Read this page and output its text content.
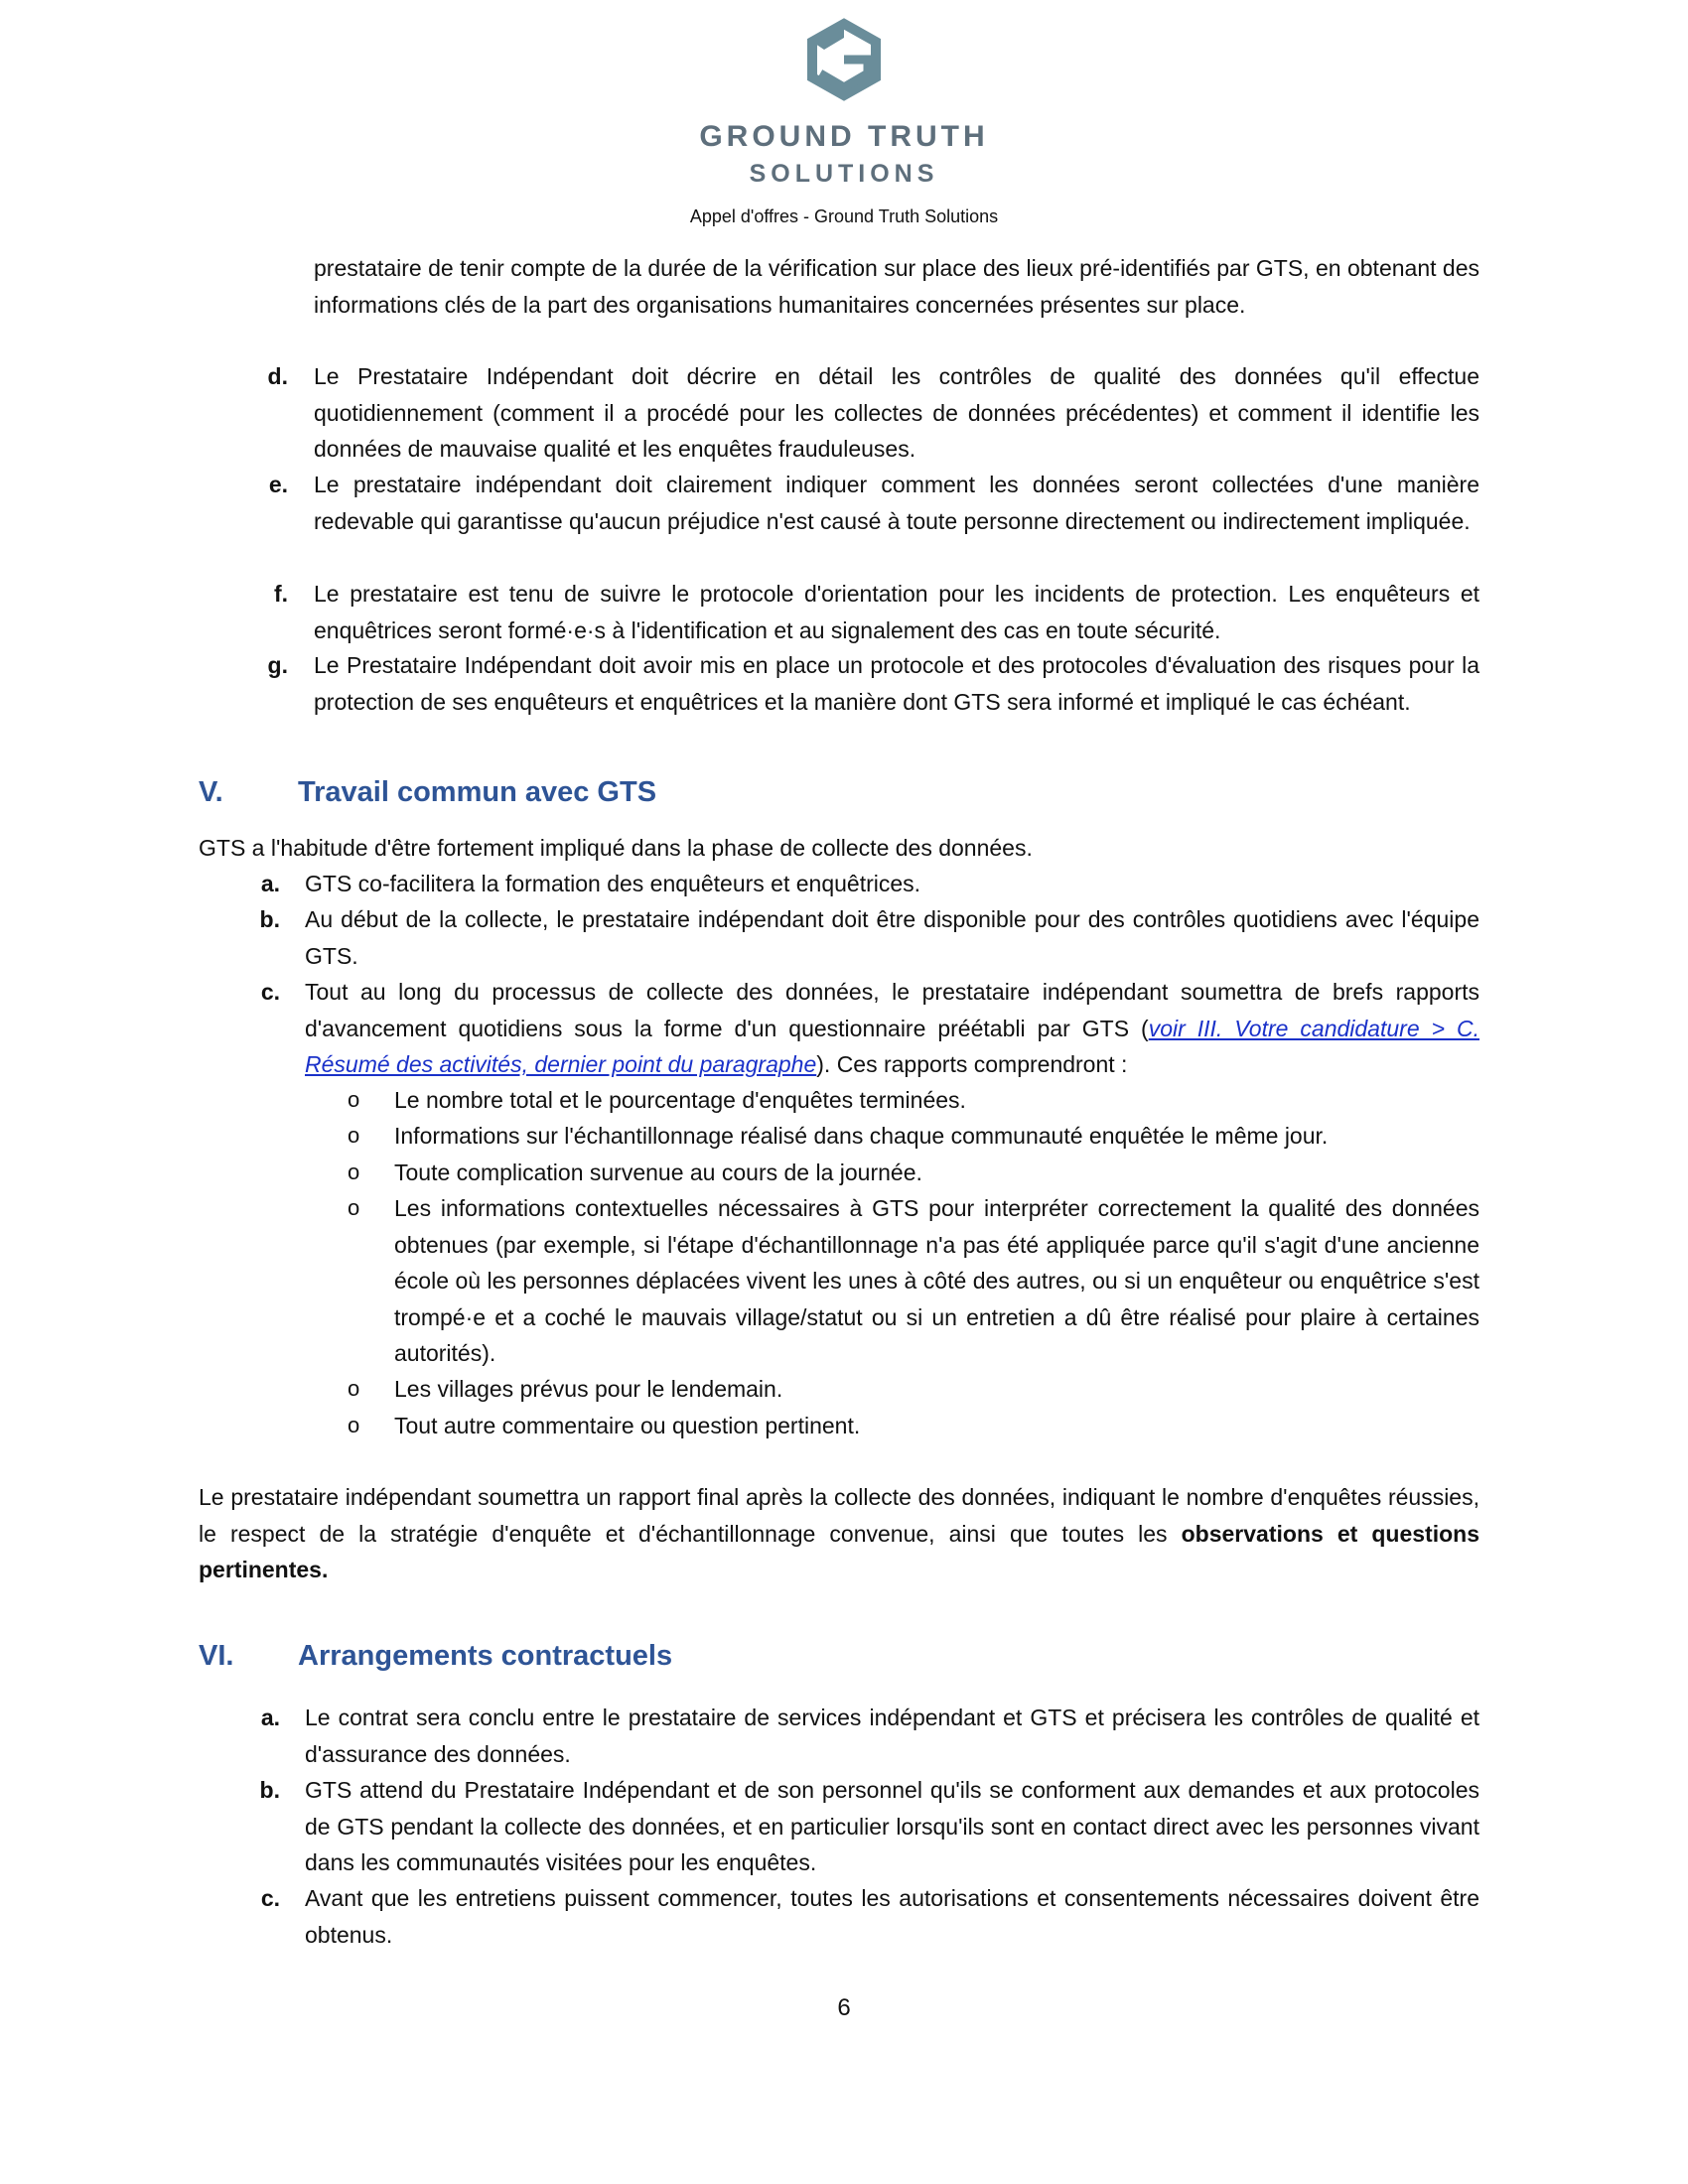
GROUND TRUTH
SOLUTIONS
Appel d'offres - Ground Truth Solutions
prestataire de tenir compte de la durée de la vérification sur place des lieux pré-identifiés par GTS, en obtenant des informations clés de la part des organisations humanitaires concernées présentes sur place.
d. Le Prestataire Indépendant doit décrire en détail les contrôles de qualité des données qu'il effectue quotidiennement (comment il a procédé pour les collectes de données précédentes) et comment il identifie les données de mauvaise qualité et les enquêtes frauduleuses.
e. Le prestataire indépendant doit clairement indiquer comment les données seront collectées d'une manière redevable qui garantisse qu'aucun préjudice n'est causé à toute personne directement ou indirectement impliquée.
f. Le prestataire est tenu de suivre le protocole d'orientation pour les incidents de protection. Les enquêteurs et enquêtrices seront formé·e·s à l'identification et au signalement des cas en toute sécurité.
g. Le Prestataire Indépendant doit avoir mis en place un protocole et des protocoles d'évaluation des risques pour la protection de ses enquêteurs et enquêtrices et la manière dont GTS sera informé et impliqué le cas échéant.
V.	Travail commun avec GTS
GTS a l'habitude d'être fortement impliqué dans la phase de collecte des données.
a. GTS co-facilitera la formation des enquêteurs et enquêtrices.
b. Au début de la collecte, le prestataire indépendant doit être disponible pour des contrôles quotidiens avec l'équipe GTS.
c. Tout au long du processus de collecte des données, le prestataire indépendant soumettra de brefs rapports d'avancement quotidiens sous la forme d'un questionnaire préétabli par GTS (voir III. Votre candidature > C. Résumé des activités, dernier point du paragraphe). Ces rapports comprendront :
o Le nombre total et le pourcentage d'enquêtes terminées.
o Informations sur l'échantillonnage réalisé dans chaque communauté enquêtée le même jour.
o Toute complication survenue au cours de la journée.
o Les informations contextuelles nécessaires à GTS pour interpréter correctement la qualité des données obtenues (par exemple, si l'étape d'échantillonnage n'a pas été appliquée parce qu'il s'agit d'une ancienne école où les personnes déplacées vivent les unes à côté des autres, ou si un enquêteur ou enquêtrice s'est trompé·e et a coché le mauvais village/statut ou si un entretien a dû être réalisé pour plaire à certaines autorités).
o Les villages prévus pour le lendemain.
o Tout autre commentaire ou question pertinent.
Le prestataire indépendant soumettra un rapport final après la collecte des données, indiquant le nombre d'enquêtes réussies, le respect de la stratégie d'enquête et d'échantillonnage convenue, ainsi que toutes les observations et questions pertinentes.
VI. Arrangements contractuels
a. Le contrat sera conclu entre le prestataire de services indépendant et GTS et précisera les contrôles de qualité et d'assurance des données.
b. GTS attend du Prestataire Indépendant et de son personnel qu'ils se conforment aux demandes et aux protocoles de GTS pendant la collecte des données, et en particulier lorsqu'ils sont en contact direct avec les personnes vivant dans les communautés visitées pour les enquêtes.
c. Avant que les entretiens puissent commencer, toutes les autorisations et consentements nécessaires doivent être obtenus.
6
